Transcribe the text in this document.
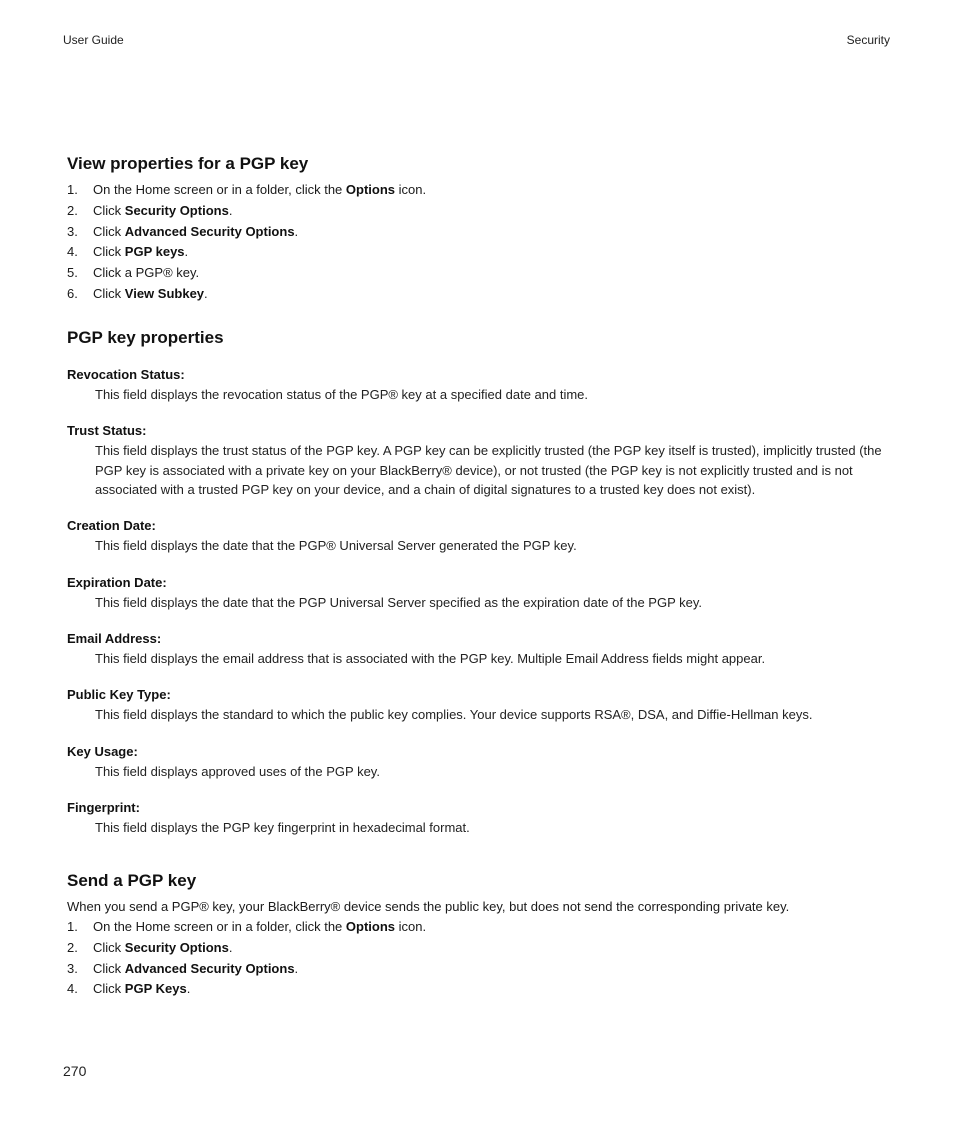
User Guide	Security
View properties for a PGP key
1. On the Home screen or in a folder, click the Options icon.
2. Click Security Options.
3. Click Advanced Security Options.
4. Click PGP keys.
5. Click a PGP® key.
6. Click View Subkey.
PGP key properties
Revocation Status:
This field displays the revocation status of the PGP® key at a specified date and time.
Trust Status:
This field displays the trust status of the PGP key. A PGP key can be explicitly trusted (the PGP key itself is trusted), implicitly trusted (the PGP key is associated with a private key on your BlackBerry® device), or not trusted (the PGP key is not explicitly trusted and is not associated with a trusted PGP key on your device, and a chain of digital signatures to a trusted key does not exist).
Creation Date:
This field displays the date that the PGP® Universal Server generated the PGP key.
Expiration Date:
This field displays the date that the PGP Universal Server specified as the expiration date of the PGP key.
Email Address:
This field displays the email address that is associated with the PGP key. Multiple Email Address fields might appear.
Public Key Type:
This field displays the standard to which the public key complies. Your device supports RSA®, DSA, and Diffie-Hellman keys.
Key Usage:
This field displays approved uses of the PGP key.
Fingerprint:
This field displays the PGP key fingerprint in hexadecimal format.
Send a PGP key
When you send a PGP® key, your BlackBerry® device sends the public key, but does not send the corresponding private key.
1. On the Home screen or in a folder, click the Options icon.
2. Click Security Options.
3. Click Advanced Security Options.
4. Click PGP Keys.
270
